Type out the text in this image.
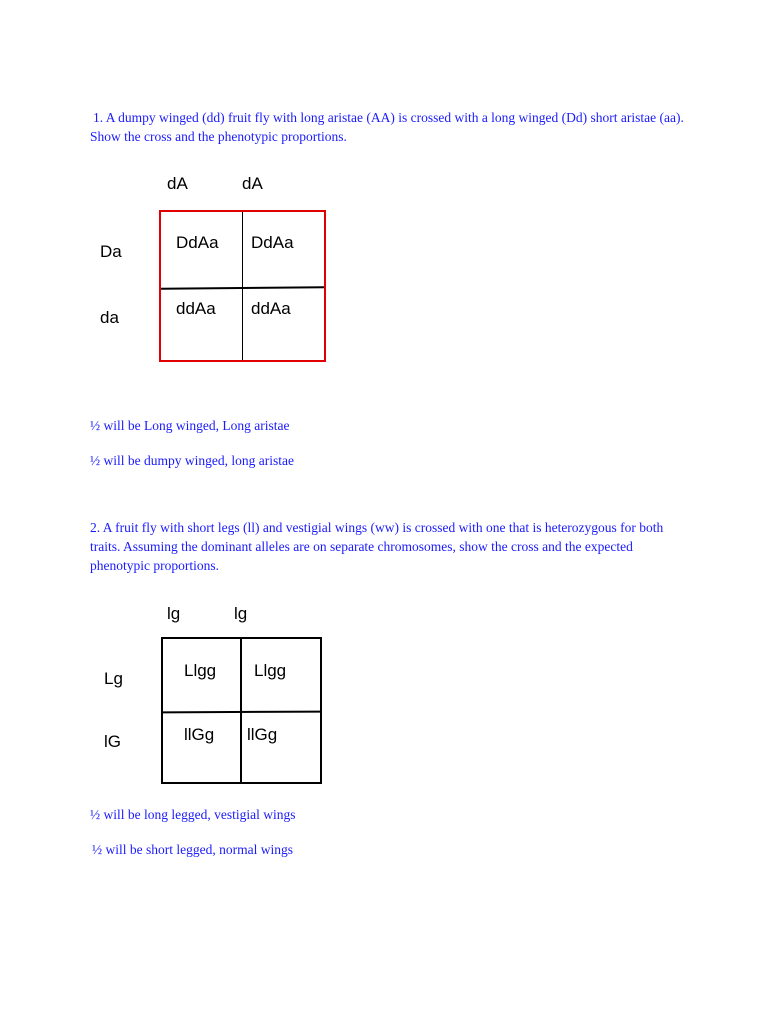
1. A dumpy winged (dd) fruit fly with long aristae (AA) is crossed with a long winged (Dd) short aristae (aa). Show the cross and the phenotypic proportions.
dA	dA
Da
da
DdAa DdAa
ddAa ddAa
½ will be Long winged, Long aristae
½ will be dumpy winged, long aristae
2. A fruit fly with short legs (ll) and vestigial wings (ww) is crossed with one that is heterozygous for both traits. Assuming the dominant alleles are on separate chromosomes, show the cross and the expected phenotypic proportions.
lg	lg
Lg
lG
Llgg Llgg
llGg llGg
½ will be long legged, vestigial wings
½ will be short legged, normal wings
